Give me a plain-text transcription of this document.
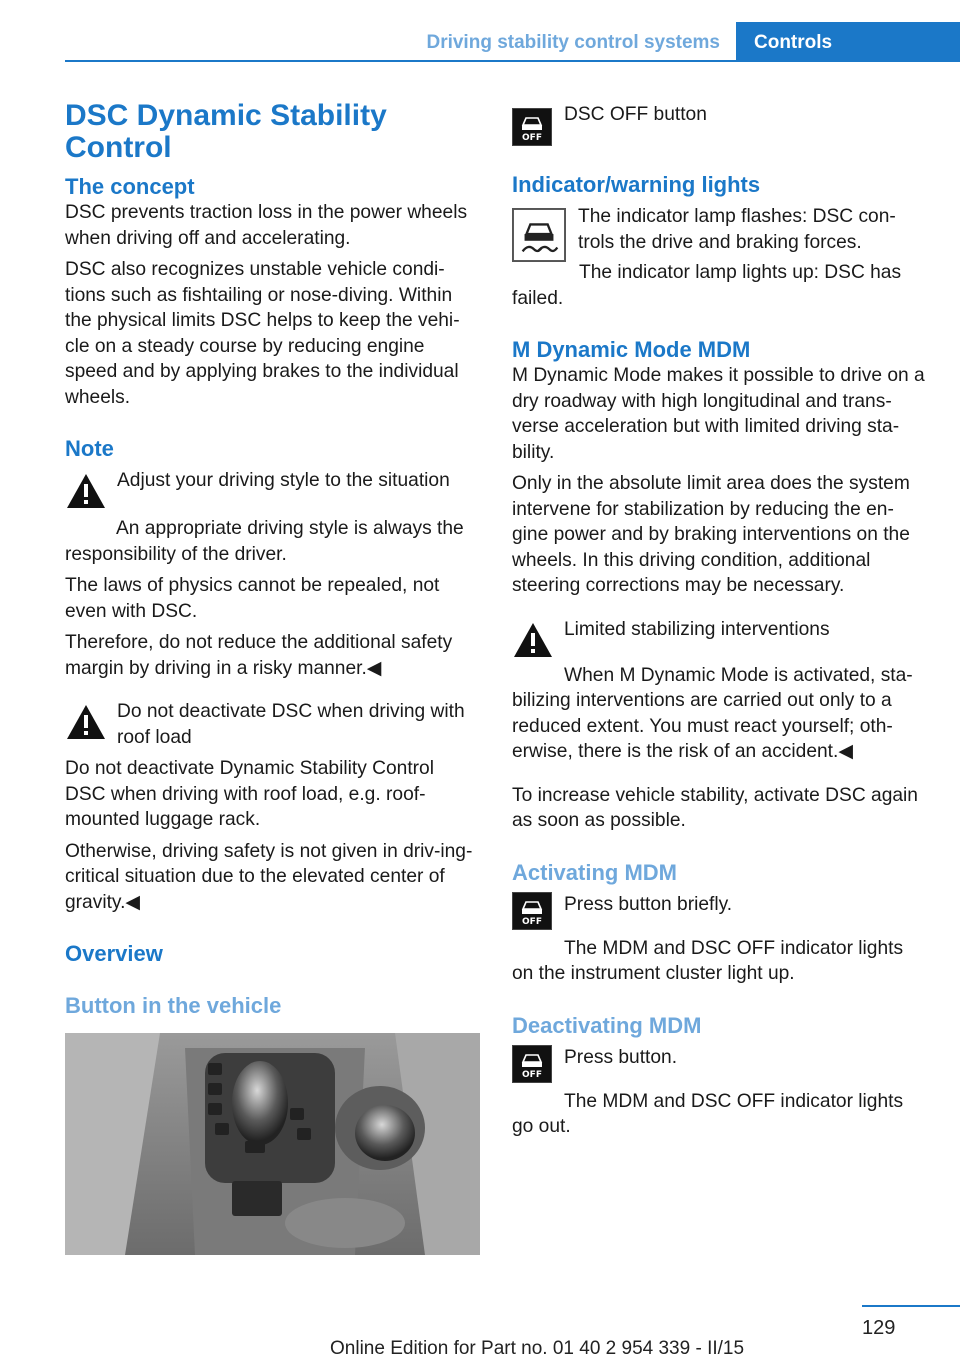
Driving stability control systems	Controls
DSC Dynamic Stability Control
The concept

DSC prevents traction loss in the power wheels when driving off and accelerating.

DSC also recognizes unstable vehicle condi‐tions such as fishtailing or nose-diving. Within the physical limits DSC helps to keep the vehi‐cle on a steady course by reducing engine speed and by applying brakes to the individual wheels.

Note

Adjust your driving style to the situation

An appropriate driving style is always the responsibility of the driver.

The laws of physics cannot be repealed, not even with DSC.

Therefore, do not reduce the additional safety margin by driving in a risky manner.◀

Do not deactivate DSC when driving with roof load

Do not deactivate Dynamic Stability Control DSC when driving with roof load, e.g. roof-mounted luggage rack.

Otherwise, driving safety is not given in driv‐ing-critical situation due to the elevated center of gravity.◀

Overview
Button in the vehicle
OFF

DSC OFF button

Indicator/warning lights

The indicator lamp flashes: DSC con‐trols the drive and braking forces.

The indicator lamp lights up: DSC has failed.

M Dynamic Mode MDM

M Dynamic Mode makes it possible to drive on a dry roadway with high longitudinal and trans‐verse acceleration but with limited driving sta‐bility.

Only in the absolute limit area does the system intervene for stabilization by reducing the en‐gine power and by braking interventions on the wheels. In this driving condition, additional steering corrections may be necessary.

Limited stabilizing interventions

When M Dynamic Mode is activated, sta‐bilizing interventions are carried out only to a reduced extent. You must react yourself; oth‐erwise, there is the risk of an accident.◀

To increase vehicle stability, activate DSC again as soon as possible.

Activating MDM
OFF

Press button briefly.

The MDM and DSC OFF indicator lights on the instrument cluster light up.

Deactivating MDM
OFF

Press button.

The MDM and DSC OFF indicator lights go out.

129
Online Edition for Part no. 01 40 2 954 339 - II/15
